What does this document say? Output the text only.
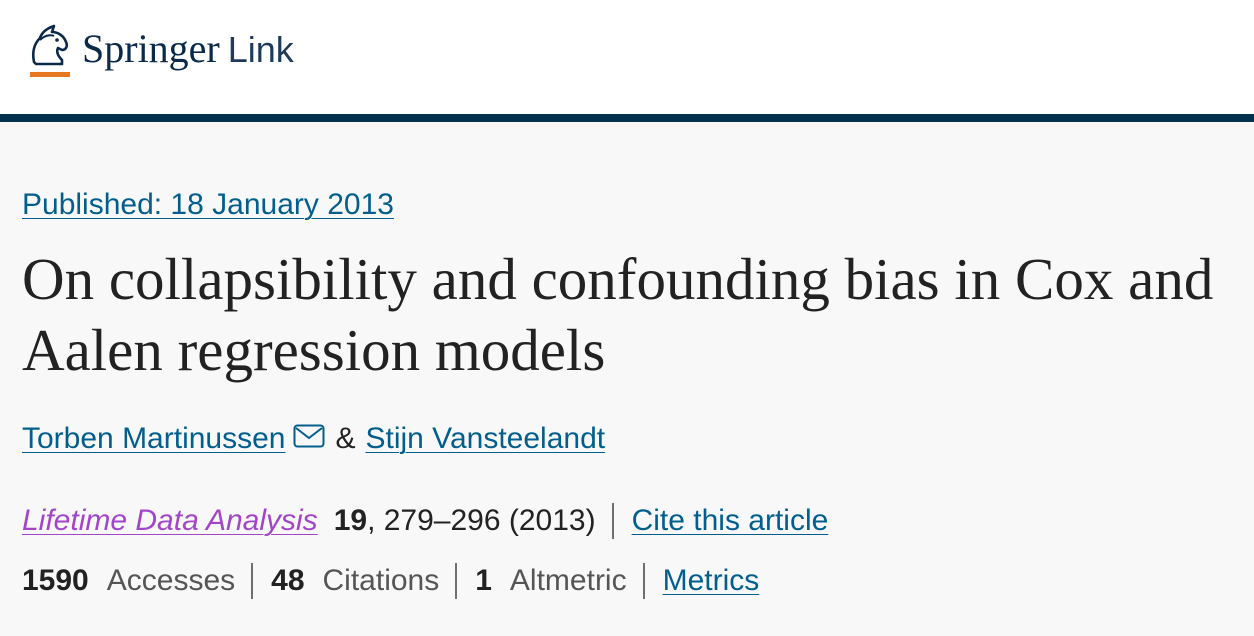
Springer Link
Published: 18 January 2013
On collapsibility and confounding bias in Cox and Aalen regression models
Torben Martinussen & Stijn Vansteelandt
Lifetime Data Analysis 19 , 279–296 (2013) Cite this article
1590 Accesses 48 Citations 1 Altmetric Metrics
